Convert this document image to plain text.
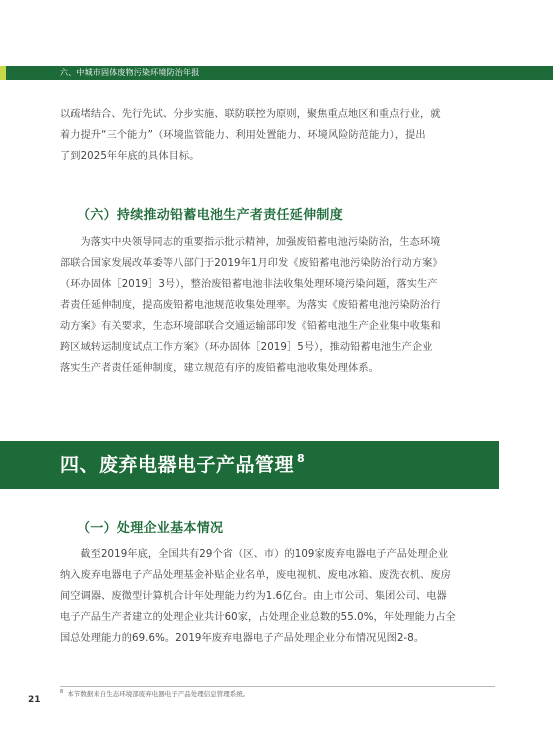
六、中城市固体废物污染环境防治年报

以疏堵结合、先行先试、分步实施、联防联控为原则，聚焦重点地区和重点行业，就

着力提升“三个能力”（环境监管能力、利用处置能力、环境风险防范能力），提出

了到2025年年底的具体目标。

（六）持续推动铅蓄电池生产者责任延伸制度

为落实中央领导同志的重要指示批示精神，加强废铅蓄电池污染防治，生态环境

部联合国家发展改革委等八部门于2019年1月印发《废铅蓄电池污染防治行动方案》

（环办固体［2019］3号），整治废铅蓄电池非法收集处理环境污染问题，落实生产

者责任延伸制度，提高废铅蓄电池规范收集处理率。为落实《废铅蓄电池污染防治行

动方案》有关要求，生态环境部联合交通运输部印发《铅蓄电池生产企业集中收集和

跨区域转运制度试点工作方案》（环办固体［2019］5号），推动铅蓄电池生产企业

落实生产者责任延伸制度，建立规范有序的废铅蓄电池收集处理体系。

四、废弃电器电子产品管理 $^8$
（一）处理企业基本情况

截至2019年底，全国共有29个省（区、市）的109家废弃电器电子产品处理企业

纳入废弃电器电子产品处理基金补贴企业名单，废电视机、废电冰箱、废洗衣机、废房

间空调器、废微型计算机合计年处理能力约为1.6亿台。由上市公司、集团公司、电器

电子产品生产者建立的处理企业共计60家，占处理企业总数的55.0%，年处理能力占全

国总处理能力的69.6%。2019年废弃电器电子产品处理企业分布情况见图2-8。

$^8$ 本节数据来自生态环境部废弃电器电子产品处理信息管理系统。
21
